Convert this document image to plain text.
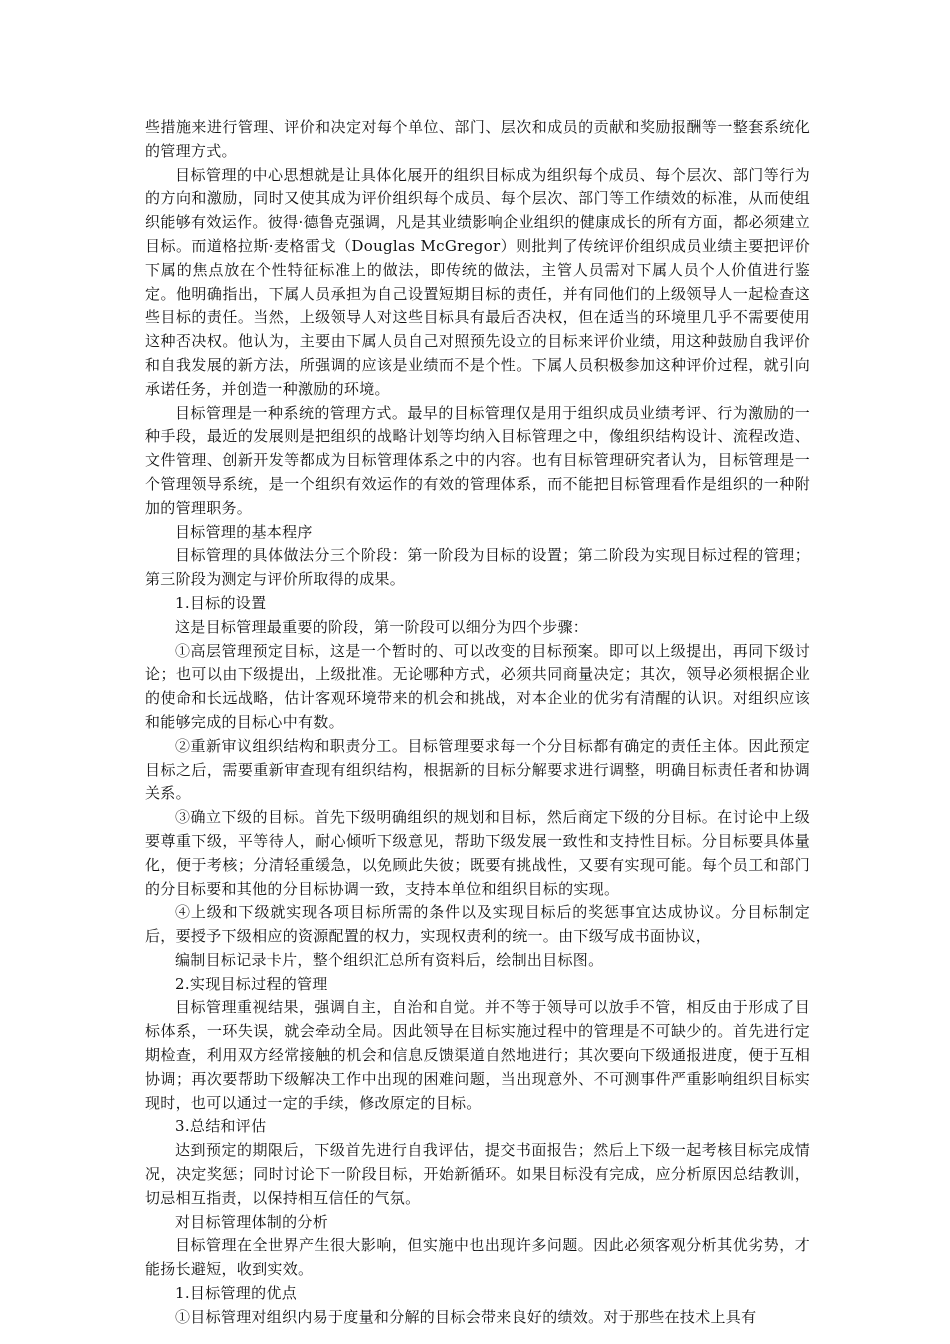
些措施来进行管理、评价和决定对每个单位、部门、层次和成员的贡献和奖励报酬等一整套系统化的管理方式。

目标管理的中心思想就是让具体化展开的组织目标成为组织每个成员、每个层次、部门等行为的方向和激励，同时又使其成为评价组织每个成员、每个层次、部门等工作绩效的标准，从而使组织能够有效运作。彼得·德鲁克强调，凡是其业绩影响企业组织的健康成长的所有方面，都必须建立目标。而道格拉斯·麦格雷戈（Douglas McGregor）则批判了传统评价组织成员业绩主要把评价下属的焦点放在个性特征标准上的做法，即传统的做法，主管人员需对下属人员个人价值进行鉴定。他明确指出，下属人员承担为自己设置短期目标的责任，并有同他们的上级领导人一起检查这些目标的责任。当然，上级领导人对这些目标具有最后否决权，但在适当的环境里几乎不需要使用这种否决权。他认为，主要由下属人员自己对照预先设立的目标来评价业绩，用这种鼓励自我评价和自我发展的新方法，所强调的应该是业绩而不是个性。下属人员积极参加这种评价过程，就引向承诺任务，并创造一种激励的环境。

目标管理是一种系统的管理方式。最早的目标管理仅是用于组织成员业绩考评、行为激励的一种手段，最近的发展则是把组织的战略计划等均纳入目标管理之中，像组织结构设计、流程改造、文件管理、创新开发等都成为目标管理体系之中的内容。也有目标管理研究者认为，目标管理是一个管理领导系统，是一个组织有效运作的有效的管理体系，而不能把目标管理看作是组织的一种附加的管理职务。

目标管理的基本程序

目标管理的具体做法分三个阶段：第一阶段为目标的设置；第二阶段为实现目标过程的管理；第三阶段为测定与评价所取得的成果。

1.目标的设置

这是目标管理最重要的阶段，第一阶段可以细分为四个步骤：

①高层管理预定目标，这是一个暂时的、可以改变的目标预案。即可以上级提出，再同下级讨论；也可以由下级提出，上级批准。无论哪种方式，必须共同商量决定；其次，领导必须根据企业的使命和长远战略，估计客观环境带来的机会和挑战，对本企业的优劣有清醒的认识。对组织应该和能够完成的目标心中有数。

②重新审议组织结构和职责分工。目标管理要求每一个分目标都有确定的责任主体。因此预定目标之后，需要重新审查现有组织结构，根据新的目标分解要求进行调整，明确目标责任者和协调关系。

③确立下级的目标。首先下级明确组织的规划和目标，然后商定下级的分目标。在讨论中上级要尊重下级，平等待人，耐心倾听下级意见，帮助下级发展一致性和支持性目标。分目标要具体量化，便于考核；分清轻重缓急，以免顾此失彼；既要有挑战性，又要有实现可能。每个员工和部门的分目标要和其他的分目标协调一致，支持本单位和组织目标的实现。

④上级和下级就实现各项目标所需的条件以及实现目标后的奖惩事宜达成协议。分目标制定后，要授予下级相应的资源配置的权力，实现权责利的统一。由下级写成书面协议，

编制目标记录卡片，整个组织汇总所有资料后，绘制出目标图。

2.实现目标过程的管理

目标管理重视结果，强调自主，自治和自觉。并不等于领导可以放手不管，相反由于形成了目标体系，一环失误，就会牵动全局。因此领导在目标实施过程中的管理是不可缺少的。首先进行定期检查，利用双方经常接触的机会和信息反馈渠道自然地进行；其次要向下级通报进度，便于互相协调；再次要帮助下级解决工作中出现的困难问题，当出现意外、不可测事件严重影响组织目标实现时，也可以通过一定的手续，修改原定的目标。

3.总结和评估

达到预定的期限后，下级首先进行自我评估，提交书面报告；然后上下级一起考核目标完成情况，决定奖惩；同时讨论下一阶段目标，开始新循环。如果目标没有完成，应分析原因总结教训，切忌相互指责，以保持相互信任的气氛。

对目标管理体制的分析

目标管理在全世界产生很大影响，但实施中也出现许多问题。因此必须客观分析其优劣势，才能扬长避短，收到实效。

1.目标管理的优点

①目标管理对组织内易于度量和分解的目标会带来良好的绩效。对于那些在技术上具有
